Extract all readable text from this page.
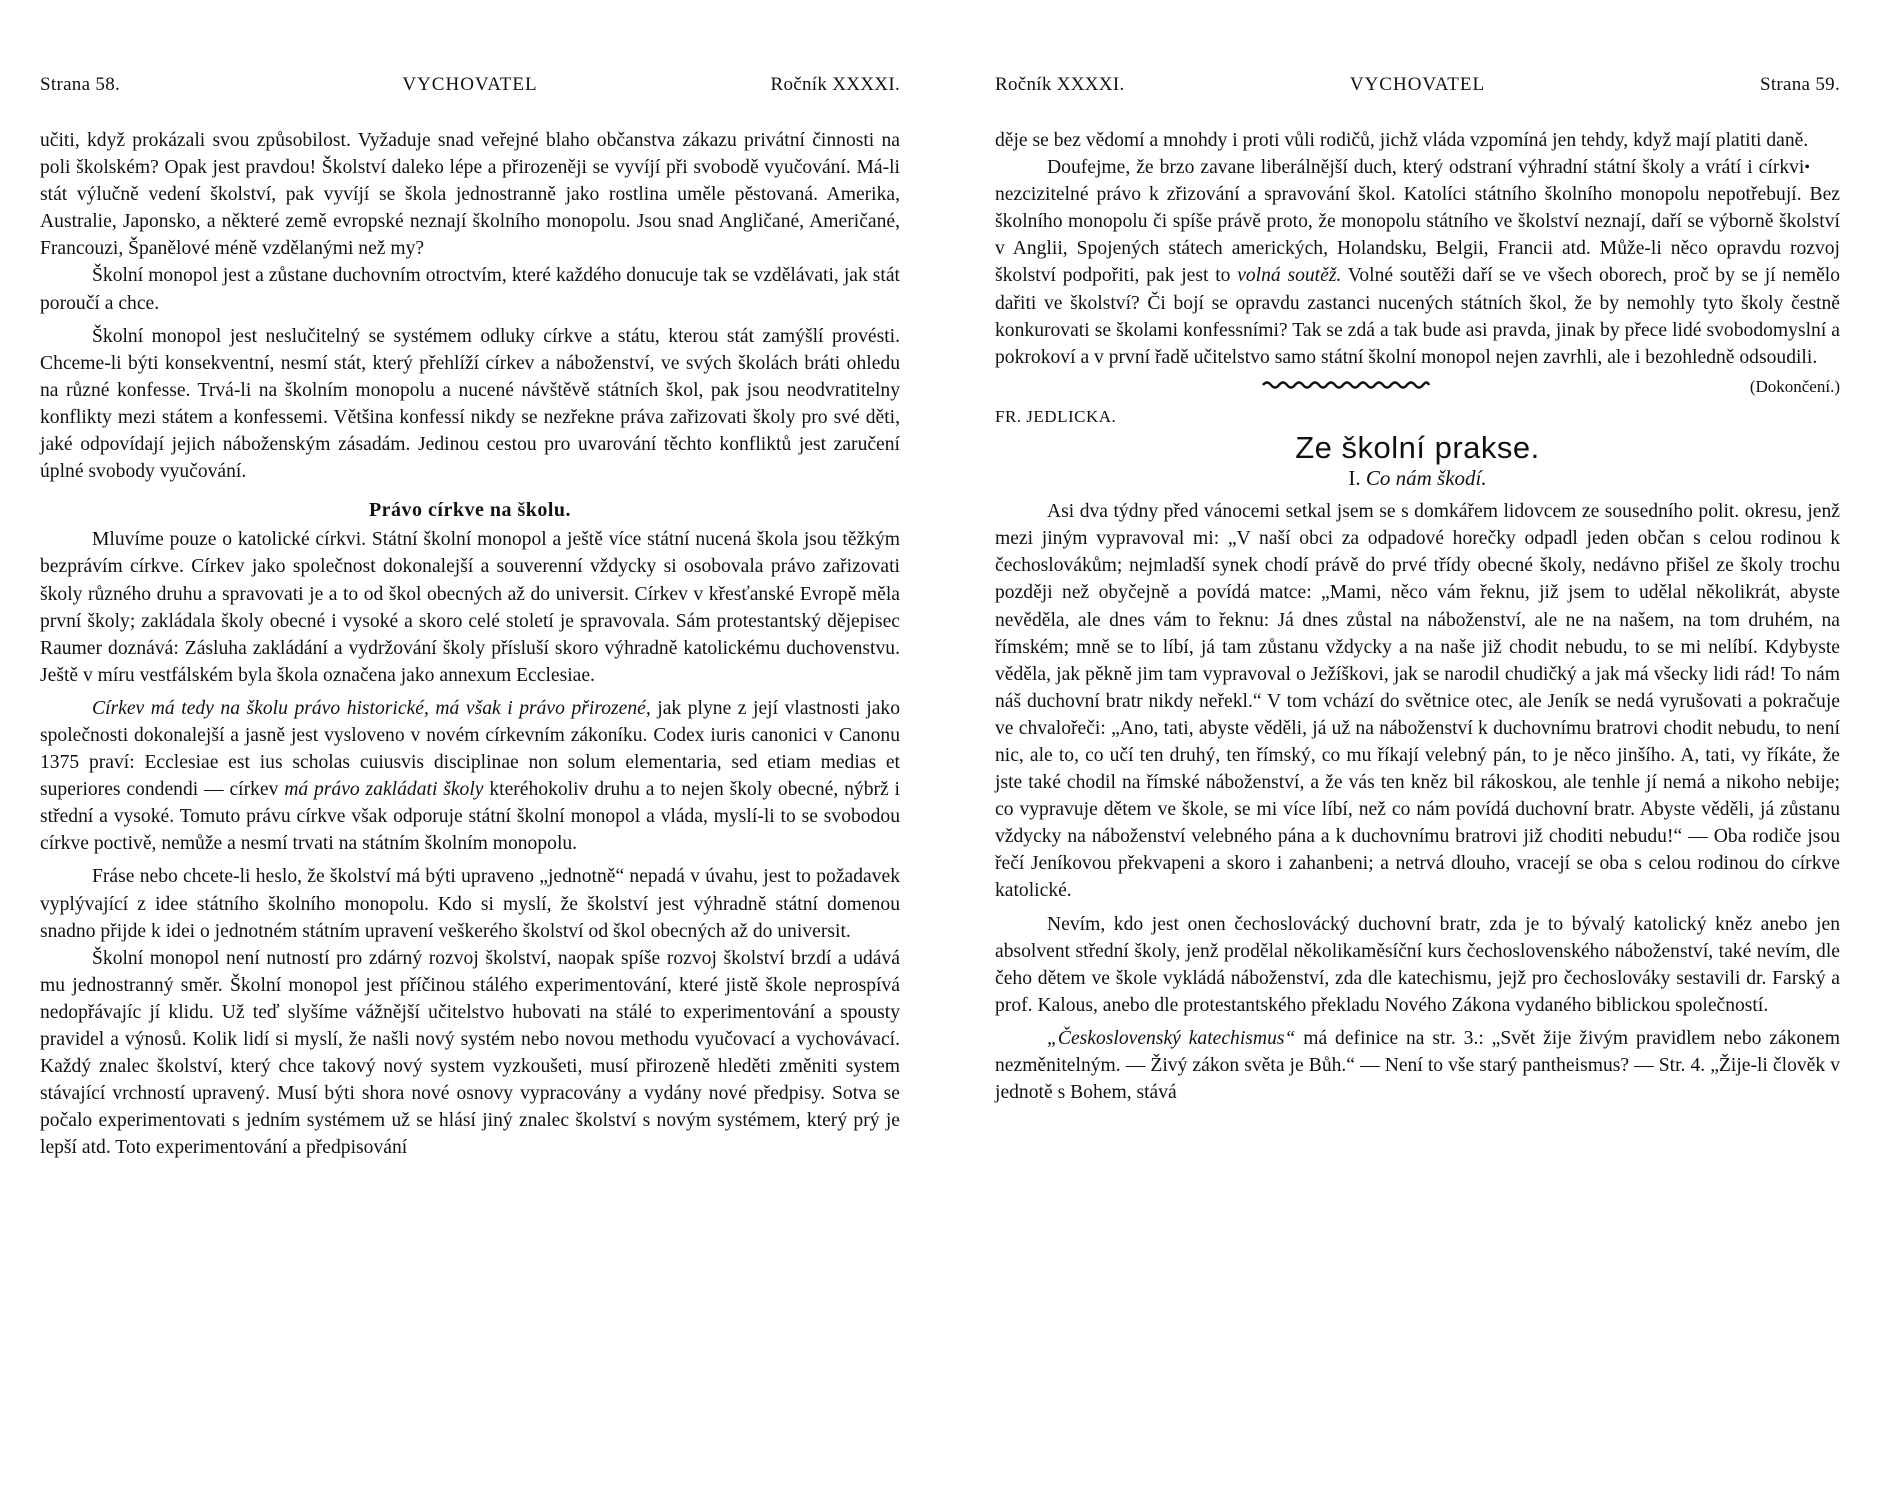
Strana 58.	VYCHOVATEL	Ročník XXXXI.

učiti, když prokázali svou způsobilost. Vyžaduje snad veřejné blaho občanstva zákazu privátní činnosti na poli školském? Opak jest pravdou! Školství daleko lépe a přirozeněji se vyvíjí při svobodě vyučování. Má-li stát výlučně vedení školství, pak vyvíjí se škola jednostranně jako rostlina uměle pěstovaná. Amerika, Australie, Japonsko, a některé země evropské neznají školního monopolu. Jsou snad Angličané, Američané, Francouzi, Španělové méně vzdělanými než my?

Školní monopol jest a zůstane duchovním otroctvím, které každého donucuje tak se vzdělávati, jak stát poroučí a chce.

Školní monopol jest neslučitelný se systémem odluky církve a státu, kterou stát zamýšlí provésti. Chceme-li býti konsekventní, nesmí stát, který přehlíží církev a náboženství, ve svých školách bráti ohledu na různé konfesse. Trvá-li na školním monopolu a nucené návštěvě státních škol, pak jsou neodvratitelny konflikty mezi státem a konfessemi. Většina konfessí nikdy se nezřekne práva zařizovati školy pro své děti, jaké odpovídají jejich náboženským zásadám. Jedinou cestou pro uvarování těchto konfliktů jest zaručení úplné svobody vyučování.

Právo církve na školu.

Mluvíme pouze o katolické církvi. Státní školní monopol a ještě více státní nucená škola jsou těžkým bezprávím církve. Církev jako společnost dokonalejší a souverenní vždycky si osobovala právo zařizovati školy různého druhu a spravovati je a to od škol obecných až do universit. Církev v křesťanské Evropě měla první školy; zakládala školy obecné i vysoké a skoro celé století je spravovala. Sám protestantský dějepisec Raumer doznává: Zásluha zakládání a vydržování školy přísluší skoro výhradně katolickému duchovenstvu. Ještě v míru vestfálském byla škola označena jako annexum Ecclesiae.

Církev má tedy na školu právo historické, má však i právo přirozené, jak plyne z její vlastnosti jako společnosti dokonalejší a jasně jest vysloveno v novém církevním zákoníku. Codex iuris canonici v Canonu 1375 praví: Ecclesiae est ius scholas cuiusvis disciplinae non solum elementaria, sed etiam medias et superiores condendi — církev má právo zakládati školy kteréhokoliv druhu a to nejen školy obecné, nýbrž i střední a vysoké. Tomuto právu církve však odporuje státní školní monopol a vláda, myslí-li to se svobodou církve poctivě, nemůže a nesmí trvati na státním školním monopolu.

Fráse nebo chcete-li heslo, že školství má býti upraveno „jednotně“ nepadá v úvahu, jest to požadavek vyplývající z idee státního školního monopolu. Kdo si myslí, že školství jest výhradně státní domenou snadno přijde k idei o jednotném státním upravení veškerého školství od škol obecných až do universit.

Školní monopol není nutností pro zdárný rozvoj školství, naopak spíše rozvoj školství brzdí a udává mu jednostranný směr. Školní monopol jest příčinou stálého experimentování, které jistě škole neprospívá nedopřávajíc jí klidu. Už teď slyšíme vážnější učitelstvo hubovati na stálé to experimentování a spousty pravidel a výnosů. Kolik lidí si myslí, že našli nový systém nebo novou methodu vyučovací a vychovávací. Každý znalec školství, který chce takový nový system vyzkoušeti, musí přirozeně hleděti změniti system stávající vrchností upravený. Musí býti shora nové osnovy vypracovány a vydány nové předpisy. Sotva se počalo experimentovati s jedním systémem už se hlásí jiný znalec školství s novým systémem, který prý je lepší atd. Toto experimentování a předpisování

Ročník XXXXI.	VYCHOVATEL	Strana 59.

děje se bez vědomí a mnohdy i proti vůli rodičů, jichž vláda vzpomíná jen tehdy, když mají platiti daně.
•

Doufejme, že brzo zavane liberálnější duch, který odstraní výhradní státní školy a vrátí i církvi nezcizitelné právo k zřizování a spravování škol. Katolíci státního školního monopolu nepotřebují. Bez školního monopolu či spíše právě proto, že monopolu státního ve školství neznají, daří se výborně školství v Anglii, Spojených státech amerických, Holandsku, Belgii, Francii atd. Může-li něco opravdu rozvoj školství podpořiti, pak jest to volná soutěž. Volné soutěži daří se ve všech oborech, proč by se jí nemělo dařiti ve školství? Či bojí se opravdu zastanci nucených státních škol, že by nemohly tyto školy čestně konkurovati se školami konfessními? Tak se zdá a tak bude asi pravda, jinak by přece lidé svobodomyslní a pokrokoví a v první řadě učitelstvo samo státní školní monopol nejen zavrhli, ale i bezohledně odsoudili.
(Dokončení.)

FR. JEDLICKA.
Ze školní prakse.
I. Co nám škodí.

Asi dva týdny před vánocemi setkal jsem se s domkářem lidovcem ze sousedního polit. okresu, jenž mezi jiným vypravoval mi: „V naší obci za odpadové horečky odpadl jeden občan s celou rodinou k čechoslovákům; nejmladší synek chodí právě do prvé třídy obecné školy, nedávno přišel ze školy trochu později než obyčejně a povídá matce: „Mami, něco vám řeknu, již jsem to udělal několikrát, abyste nevěděla, ale dnes vám to řeknu: Já dnes zůstal na náboženství, ale ne na našem, na tom druhém, na římském; mně se to líbí, já tam zůstanu vždycky a na naše již chodit nebudu, to se mi nelíbí. Kdybyste věděla, jak pěkně jim tam vypravoval o Ježíškovi, jak se narodil chudičký a jak má všecky lidi rád! To nám náš duchovní bratr nikdy neřekl.“ V tom vchází do světnice otec, ale Jeník se nedá vyrušovati a pokračuje ve chvalořeči: „Ano, tati, abyste věděli, já už na náboženství k duchovnímu bratrovi chodit nebudu, to není nic, ale to, co učí ten druhý, ten římský, co mu říkají velebný pán, to je něco jinšího. A, tati, vy říkáte, že jste také chodil na římské náboženství, a že vás ten kněz bil rákoskou, ale tenhle jí nemá a nikoho nebije; co vypravuje dětem ve škole, se mi více líbí, než co nám povídá duchovní bratr. Abyste věděli, já zůstanu vždycky na náboženství velebného pána a k duchovnímu bratrovi již choditi nebudu!“ — Oba rodiče jsou řečí Jeníkovou překvapeni a skoro i zahanbeni; a netrvá dlouho, vracejí se oba s celou rodinou do církve katolické.

Nevím, kdo jest onen čechoslovácký duchovní bratr, zda je to bývalý katolický kněz anebo jen absolvent střední školy, jenž prodělal několikaměsíční kurs čechoslovenského náboženství, také nevím, dle čeho dětem ve škole vykládá náboženství, zda dle katechismu, jejž pro čechoslováky sestavili dr. Farský a prof. Kalous, anebo dle protestantského překladu Nového Zákona vydaného biblickou společností.

„Československý katechismus“ má definice na str. 3.: „Svět žije živým pravidlem nebo zákonem nezměnitelným. — Živý zákon světa je Bůh.“ — Není to vše starý pantheismus? — Str. 4. „Žije-li člověk v jednotě s Bohem, stává
